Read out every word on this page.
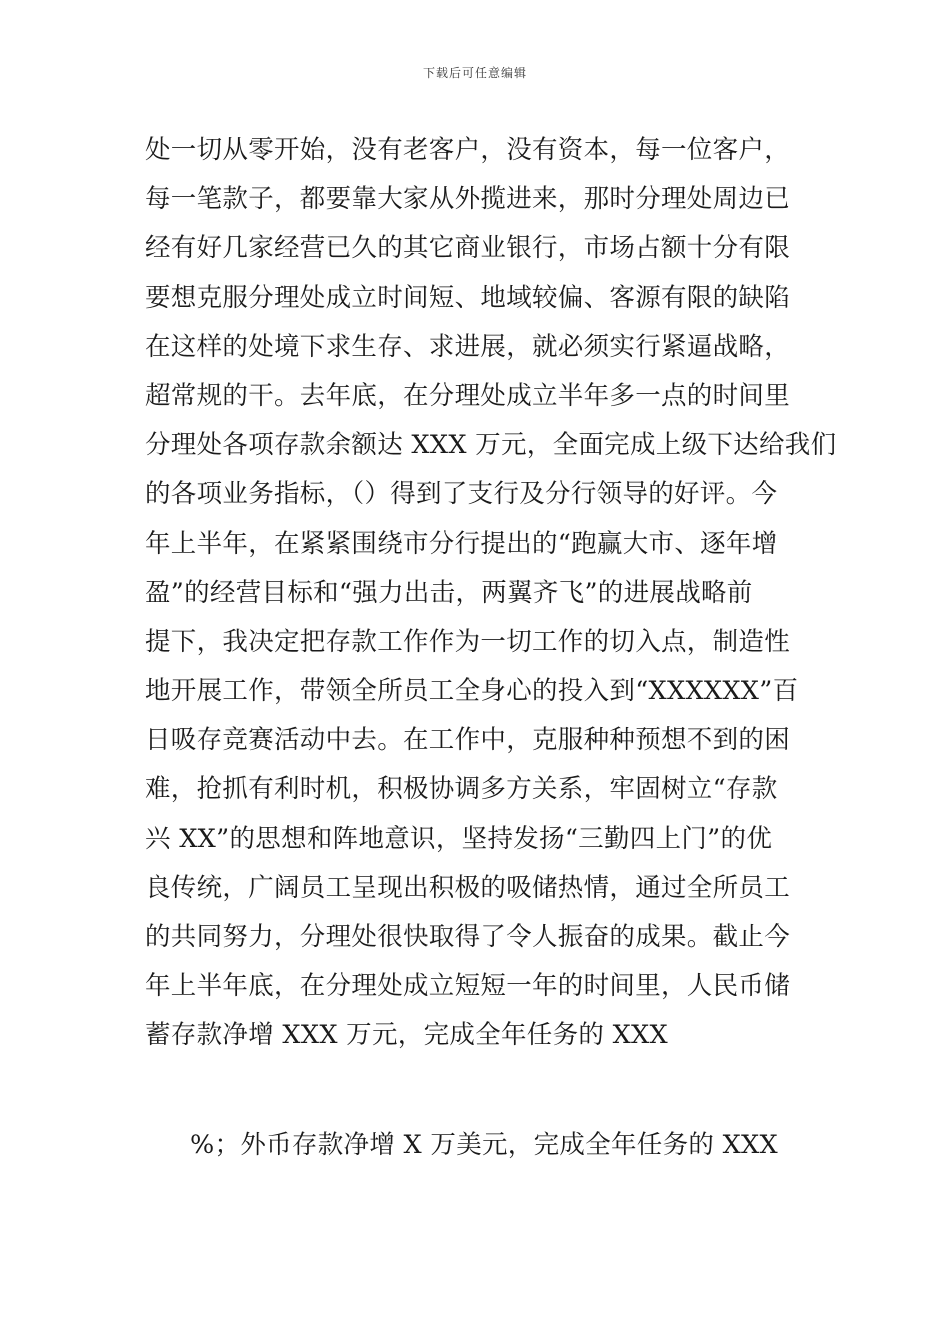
下载后可任意编辑
处一切从零开始，没有老客户，没有资本，每一位客户，
每一笔款子，都要靠大家从外揽进来，那时分理处周边已
经有好几家经营已久的其它商业银行，市场占额十分有限
要想克服分理处成立时间短、地域较偏、客源有限的缺陷
在这样的处境下求生存、求进展，就必须实行紧逼战略，
超常规的干。去年底，在分理处成立半年多一点的时间里
分理处各项存款余额达 XXX 万元，全面完成上级下达给我们
的各项业务指标，（）得到了支行及分行领导的好评。今
年上半年，在紧紧围绕市分行提出的“跑赢大市、逐年增
盈”的经营目标和“强力出击，两翼齐飞”的进展战略前
提下，我决定把存款工作作为一切工作的切入点，制造性
地开展工作，带领全所员工全身心的投入到“XXXXXX”百
日吸存竞赛活动中去。在工作中，克服种种预想不到的困
难，抢抓有利时机，积极协调多方关系，牢固树立“存款
兴 XX”的思想和阵地意识，坚持发扬“三勤四上门”的优
良传统，广阔员工呈现出积极的吸储热情，通过全所员工
的共同努力，分理处很快取得了令人振奋的成果。截止今
年上半年底，在分理处成立短短一年的时间里，人民币储
蓄存款净增 XXX 万元，完成全年任务的 XXX
%；外币存款净增 X 万美元，完成全年任务的 XXX
